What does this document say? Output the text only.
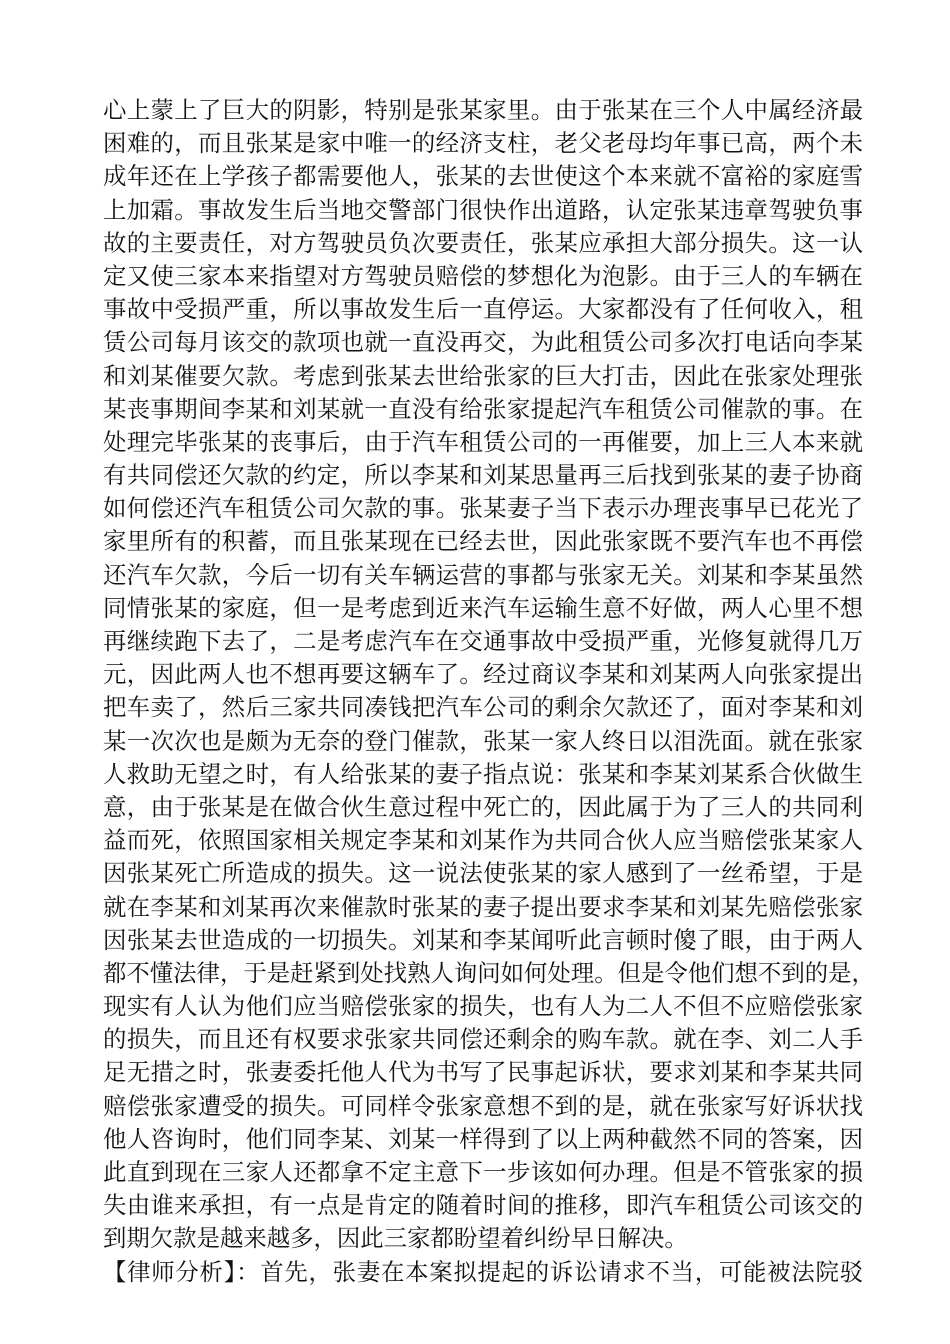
心上蒙上了巨大的阴影，特别是张某家里。由于张某在三个人中属经济最
困难的，而且张某是家中唯一的经济支柱，老父老母均年事已高，两个未
成年还在上学孩子都需要他人，张某的去世使这个本来就不富裕的家庭雪
上加霜。事故发生后当地交警部门很快作出道路，认定张某违章驾驶负事
故的主要责任，对方驾驶员负次要责任，张某应承担大部分损失。这一认
定又使三家本来指望对方驾驶员赔偿的梦想化为泡影。由于三人的车辆在
事故中受损严重，所以事故发生后一直停运。大家都没有了任何收入，租
赁公司每月该交的款项也就一直没再交，为此租赁公司多次打电话向李某
和刘某催要欠款。考虑到张某去世给张家的巨大打击，因此在张家处理张
某丧事期间李某和刘某就一直没有给张家提起汽车租赁公司催款的事。在
处理完毕张某的丧事后，由于汽车租赁公司的一再催要，加上三人本来就
有共同偿还欠款的约定，所以李某和刘某思量再三后找到张某的妻子协商
如何偿还汽车租赁公司欠款的事。张某妻子当下表示办理丧事早已花光了
家里所有的积蓄，而且张某现在已经去世，因此张家既不要汽车也不再偿
还汽车欠款，今后一切有关车辆运营的事都与张家无关。刘某和李某虽然
同情张某的家庭，但一是考虑到近来汽车运输生意不好做，两人心里不想
再继续跑下去了，二是考虑汽车在交通事故中受损严重，光修复就得几万
元，因此两人也不想再要这辆车了。经过商议李某和刘某两人向张家提出
把车卖了，然后三家共同凑钱把汽车公司的剩余欠款还了，面对李某和刘
某一次次也是颇为无奈的登门催款，张某一家人终日以泪洗面。就在张家
人救助无望之时，有人给张某的妻子指点说：张某和李某刘某系合伙做生
意，由于张某是在做合伙生意过程中死亡的，因此属于为了三人的共同利
益而死，依照国家相关规定李某和刘某作为共同合伙人应当赔偿张某家人
因张某死亡所造成的损失。这一说法使张某的家人感到了一丝希望，于是
就在李某和刘某再次来催款时张某的妻子提出要求李某和刘某先赔偿张家
因张某去世造成的一切损失。刘某和李某闻听此言顿时傻了眼，由于两人
都不懂法律，于是赶紧到处找熟人询问如何处理。但是令他们想不到的是，
现实有人认为他们应当赔偿张家的损失，也有人为二人不但不应赔偿张家
的损失，而且还有权要求张家共同偿还剩余的购车款。就在李、刘二人手
足无措之时，张妻委托他人代为书写了民事起诉状，要求刘某和李某共同
赔偿张家遭受的损失。可同样令张家意想不到的是，就在张家写好诉状找
他人咨询时，他们同李某、刘某一样得到了以上两种截然不同的答案，因
此直到现在三家人还都拿不定主意下一步该如何办理。但是不管张家的损
失由谁来承担，有一点是肯定的随着时间的推移，即汽车租赁公司该交的
到期欠款是越来越多，因此三家都盼望着纠纷早日解决。
【律师分析】：首先，张妻在本案拟提起的诉讼请求不当，可能被法院驳
